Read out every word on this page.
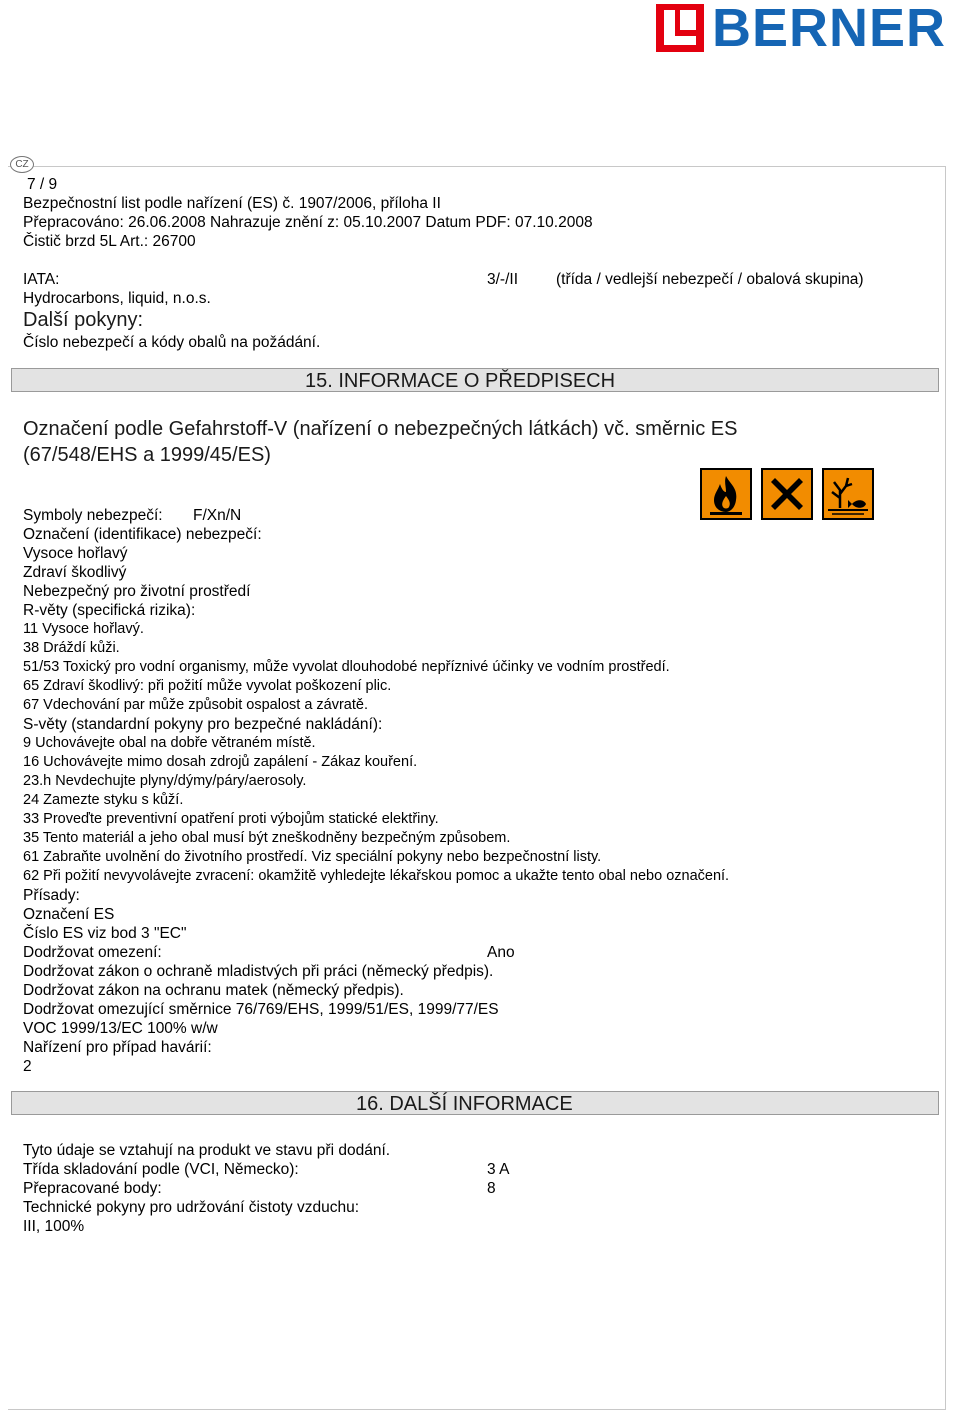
BERNER
CZ
7 / 9
Bezpečnostní list podle nařízení (ES) č. 1907/2006, příloha II
Přepracováno: 26.06.2008 Nahrazuje znění z: 05.10.2007 Datum PDF: 07.10.2008
Čistič brzd 5L Art.: 26700
IATA:	3/-/II (třída / vedlejší nebezpečí / obalová skupina)
Hydrocarbons, liquid, n.o.s.
Další pokyny:
Číslo nebezpečí a kódy obalů na požádání.
15. INFORMACE O PŘEDPISECH
Označení podle Gefahrstoff-V (nařízení o nebezpečných látkách) vč. směrnic ES
(67/548/EHS a 1999/45/ES)
Symboly nebezpečí: F/Xn/N
Označení (identifikace) nebezpečí:
Vysoce hořlavý
Zdraví škodlivý
Nebezpečný pro životní prostředí
R-věty (specifická rizika):
11 Vysoce hořlavý.
38 Dráždí kůži.
51/53 Toxický pro vodní organismy, může vyvolat dlouhodobé nepříznivé účinky ve vodním prostředí.
65 Zdraví škodlivý: při požití může vyvolat poškození plic.
67 Vdechování par může způsobit ospalost a závratě.
S-věty (standardní pokyny pro bezpečné nakládání):
9 Uchovávejte obal na dobře větraném místě.
16 Uchovávejte mimo dosah zdrojů zapálení - Zákaz kouření.
23.h Nevdechujte plyny/dýmy/páry/aerosoly.
24 Zamezte styku s kůží.
33 Proveďte preventivní opatření proti výbojům statické elektřiny.
35 Tento materiál a jeho obal musí být zneškodněny bezpečným způsobem.
61 Zabraňte uvolnění do životního prostředí. Viz speciální pokyny nebo bezpečnostní listy.
62 Při požití nevyvolávejte zvracení: okamžitě vyhledejte lékařskou pomoc a ukažte tento obal nebo označení.
Přísady:
Označení ES
Číslo ES viz bod 3 "EC"
Dodržovat omezení:	Ano
Dodržovat zákon o ochraně mladistvých při práci (německý předpis).
Dodržovat zákon na ochranu matek (německý předpis).
Dodržovat omezující směrnice 76/769/EHS, 1999/51/ES, 1999/77/ES
VOC 1999/13/EC 100% w/w
Nařízení pro případ havárií:
2
16. DALŠÍ INFORMACE
Tyto údaje se vztahují na produkt ve stavu při dodání.
Třída skladování podle (VCI, Německo):	3 A
Přepracované body:	8
Technické pokyny pro udržování čistoty vzduchu:
III, 100%
